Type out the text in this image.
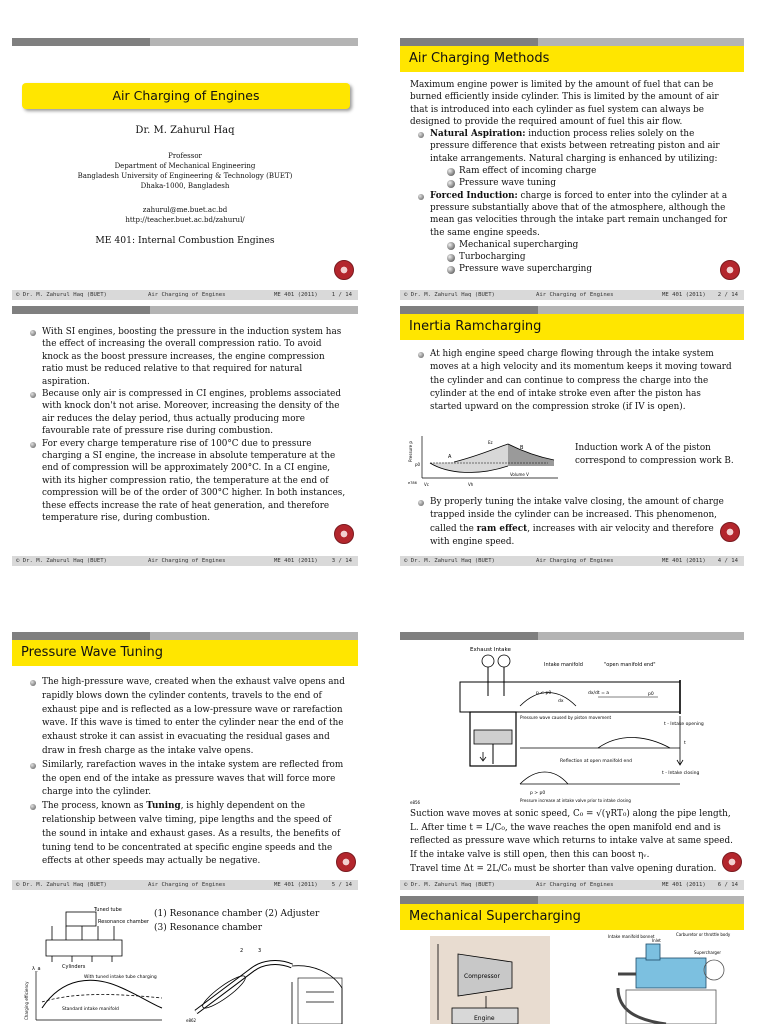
Air Charging of Engines
Dr. M. Zahurul Haq
Professor
Department of Mechanical Engineering
Bangladesh University of Engineering & Technology (BUET)
Dhaka-1000, Bangladesh
zahurul@me.buet.ac.bd
http://teacher.buet.ac.bd/zahurul/
ME 401: Internal Combustion Engines
© Dr. M. Zahurul Haq (BUET)	Air Charging of Engines	ME 401 (2011)	1 / 14
Air Charging Methods
Maximum engine power is limited by the amount of fuel that can be burned efficiently inside cylinder. This is limited by the amount of air that is introduced into each cylinder as fuel system can always be designed to provide the required amount of fuel this air flow.
Natural Aspiration: induction process relies solely on the pressure difference that exists between retreating piston and air intake arrangements. Natural charging is enhanced by utilizing:
Ram effect of incoming charge
Pressure wave tuning
Forced Induction: charge is forced to enter into the cylinder at a pressure substantially above that of the atmosphere, although the mean gas velocities through the intake part remain unchanged for the same engine speeds.
Mechanical supercharging
Turbocharging
Pressure wave supercharging
© Dr. M. Zahurul Haq (BUET)	Air Charging of Engines	ME 401 (2011) 2 / 14
With SI engines, boosting the pressure in the induction system has the effect of increasing the overall compression ratio. To avoid knock as the boost pressure increases, the engine compression ratio must be reduced relative to that required for natural aspiration.
Because only air is compressed in CI engines, problems associated with knock don't not arise. Moreover, increasing the density of the air reduces the delay period, thus actually producing more favourable rate of pressure rise during combustion.
For every charge temperature rise of 100°C due to pressure charging a SI engine, the increase in absolute temperature at the end of compression will be approximately 200°C. In a CI engine, with its higher compression ratio, the temperature at the end of compression will be of the order of 300°C higher. In both instances, these effects increase the rate of heat generation, and therefore temperature rise, during combustion.
© Dr. M. Zahurul Haq (BUET)	Air Charging of Engines	ME 401 (2011)	3 / 14
Inertia Ramcharging
At high engine speed charge flowing through the intake system moves at a high velocity and its momentum keeps it moving toward the cylinder and can continue to compress the charge into the cylinder at the end of intake stroke even after the piston has started upward on the compression stroke (if IV is open).
Pressure p
Volume V
A
B
Ez
p0
Vh
Vc
e786
Induction work A of the piston correspond to compression work B.
By properly tuning the intake valve closing, the amount of charge trapped inside the cylinder can be increased. This phenomenon, called the ram effect, increases with air velocity and therefore with engine speed.
© Dr. M. Zahurul Haq (BUET)	Air Charging of Engines	ME 401 (2011) 4 / 14
Pressure Wave Tuning
The high-pressure wave, created when the exhaust valve opens and rapidly blows down the cylinder contents, travels to the end of exhaust pipe and is reflected as a low-pressure wave or rarefaction wave. If this wave is timed to enter the cylinder near the end of the exhaust stroke it can assist in evacuating the residual gases and draw in fresh charge as the intake valve opens.
Similarly, rarefaction waves in the intake system are reflected from the open end of the intake as pressure waves that will force more charge into the cylinder.
The process, known as Tuning, is highly dependent on the relationship between valve timing, pipe lengths and the speed of the sound in intake and exhaust gases. As a results, the benefits of tuning tend to be concentrated at specific engine speeds and the effects at other speeds may actually be negative.
© Dr. M. Zahurul Haq (BUET)	Air Charging of Engines	ME 401 (2011)	5 / 14
Exhaust Intake
Intake manifold	"open manifold end"
p < p0
dx
dx/dt = a	p0
t - Intake opening
Pressure wave caused by piston movement
t
Reflection at open manifold end
t - Intake closing
p > p0
Pressure increase at intake valve prior to intake closing
e856
Suction wave moves at sonic speed, C₀ = √(γRT₀) along the pipe length, L. After time t = L/C₀, the wave reaches the open manifold end and is reflected as pressure wave which returns to intake valve at same speed. If the intake valve is still open, then this can boost ηᵥ.
Travel time Δt = 2L/C₀ must be shorter than valve opening duration.
© Dr. M. Zahurul Haq (BUET)	Air Charging of Engines	ME 401 (2011) 6 / 14
Tuned tube
Resonance chamber
Cylinders
λ_a
Charging efficiency
With tuned intake tube charging
Standard intake manifold
(1) Resonance chamber (2) Adjuster
(3) Resonance chamber
2	3
e862
Mechanical Supercharging
Compressor
Engine
Intake manifold bonnet
Inlet
Carburetor or throttle body
Supercharger
